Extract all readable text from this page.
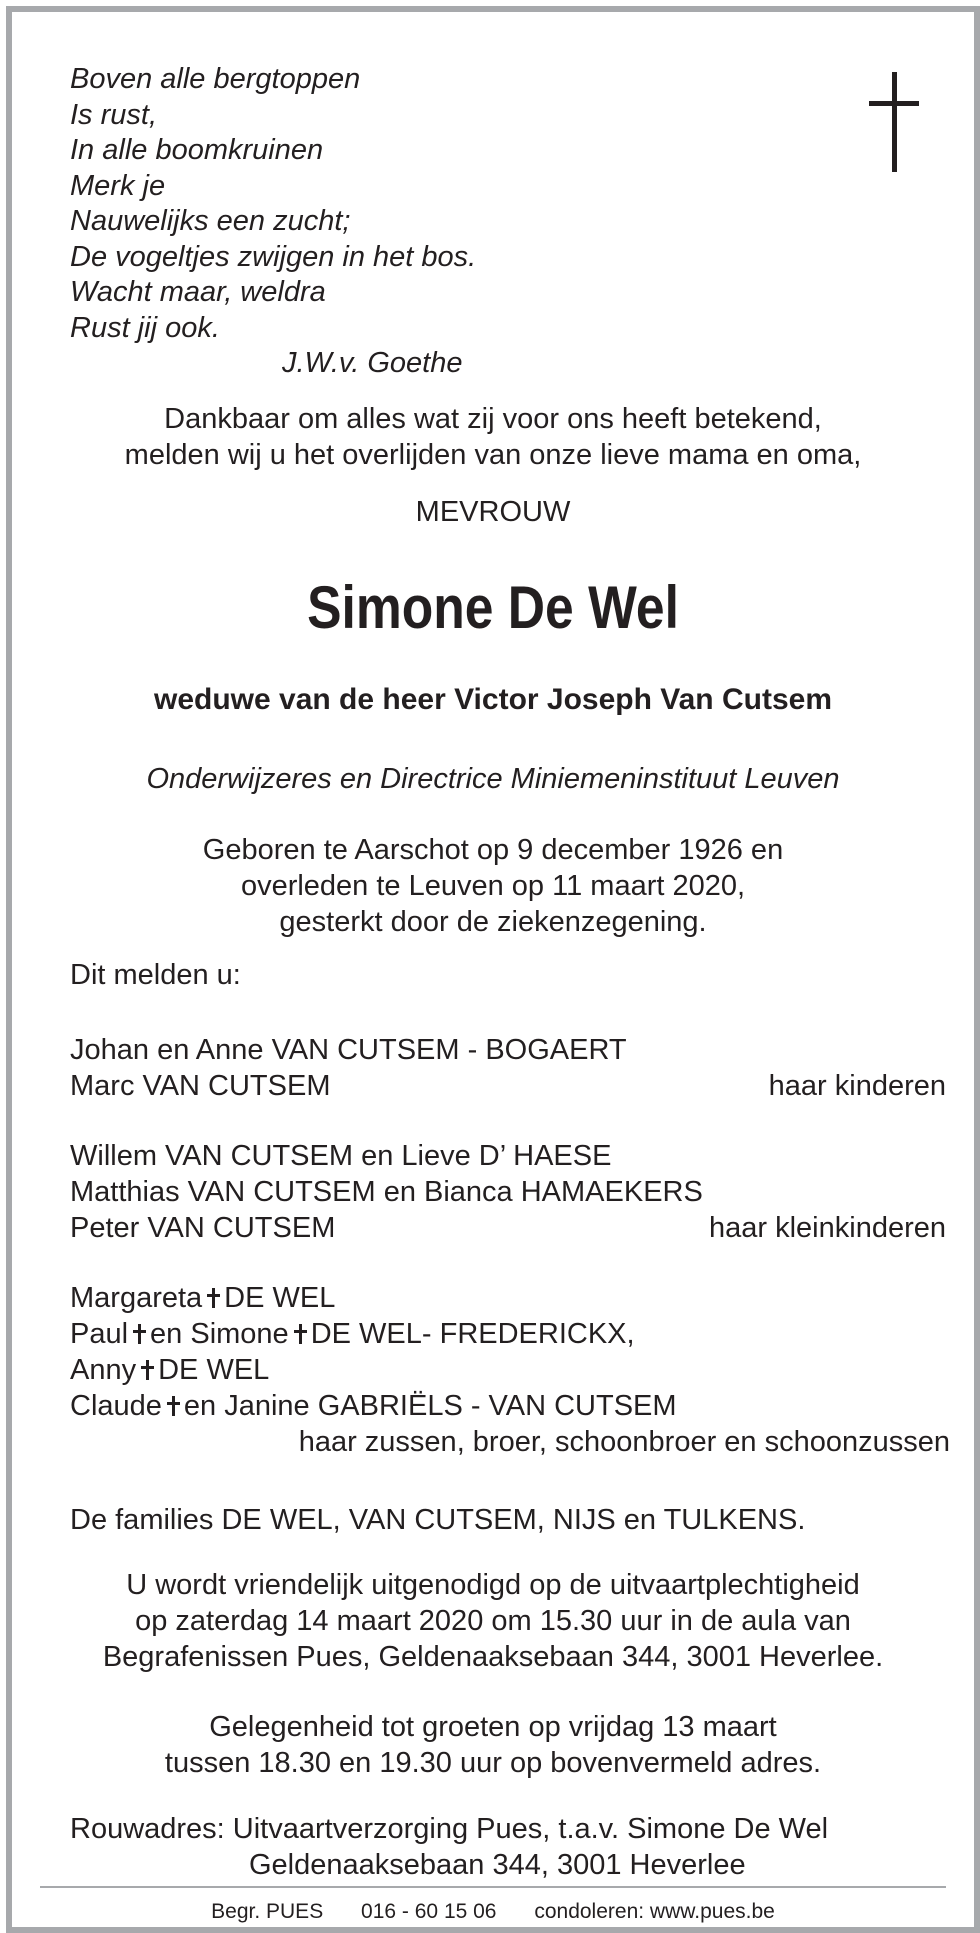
Boven alle bergtoppen
Is rust,
In alle boomkruinen
Merk je
Nauwelijks een zucht;
De vogeltjes zwijgen in het bos.
Wacht maar, weldra
Rust jij ook.
J.W.v. Goethe
Dankbaar om alles wat zij voor ons heeft betekend,
melden wij u het overlijden van onze lieve mama en oma,
MEVROUW
Simone De Wel
weduwe van de heer Victor Joseph Van Cutsem
Onderwijzeres en Directrice Miniemeninstituut Leuven
Geboren te Aarschot op 9 december 1926 en
overleden te Leuven op 11 maart 2020,
gesterkt door de ziekenzegening.
Dit melden u:
Johan en Anne VAN CUTSEM - BOGAERT
Marc VAN CUTSEM	haar kinderen
Willem VAN CUTSEM en Lieve D’ HAESE
Matthias VAN CUTSEM en Bianca HAMAEKERS
Peter VAN CUTSEM	haar kleinkinderen
Margareta DE WEL
Paul en Simone DE WEL- FREDERICKX,
Anny DE WEL
Claude en Janine GABRIËLS - VAN CUTSEM
haar zussen, broer, schoonbroer en schoonzussen
De families DE WEL, VAN CUTSEM, NIJS en TULKENS.
U wordt vriendelijk uitgenodigd op de uitvaartplechtigheid
op zaterdag 14 maart 2020 om 15.30 uur in de aula van
Begrafenissen Pues, Geldenaaksebaan 344, 3001 Heverlee.
Gelegenheid tot groeten op vrijdag 13 maart
tussen 18.30 en 19.30 uur op bovenvermeld adres.
Rouwadres: Uitvaartverzorging Pues, t.a.v. Simone De Wel
Geldenaaksebaan 344, 3001 Heverlee
Begr. PUES 016 - 60 15 06 condoleren: www.pues.be
